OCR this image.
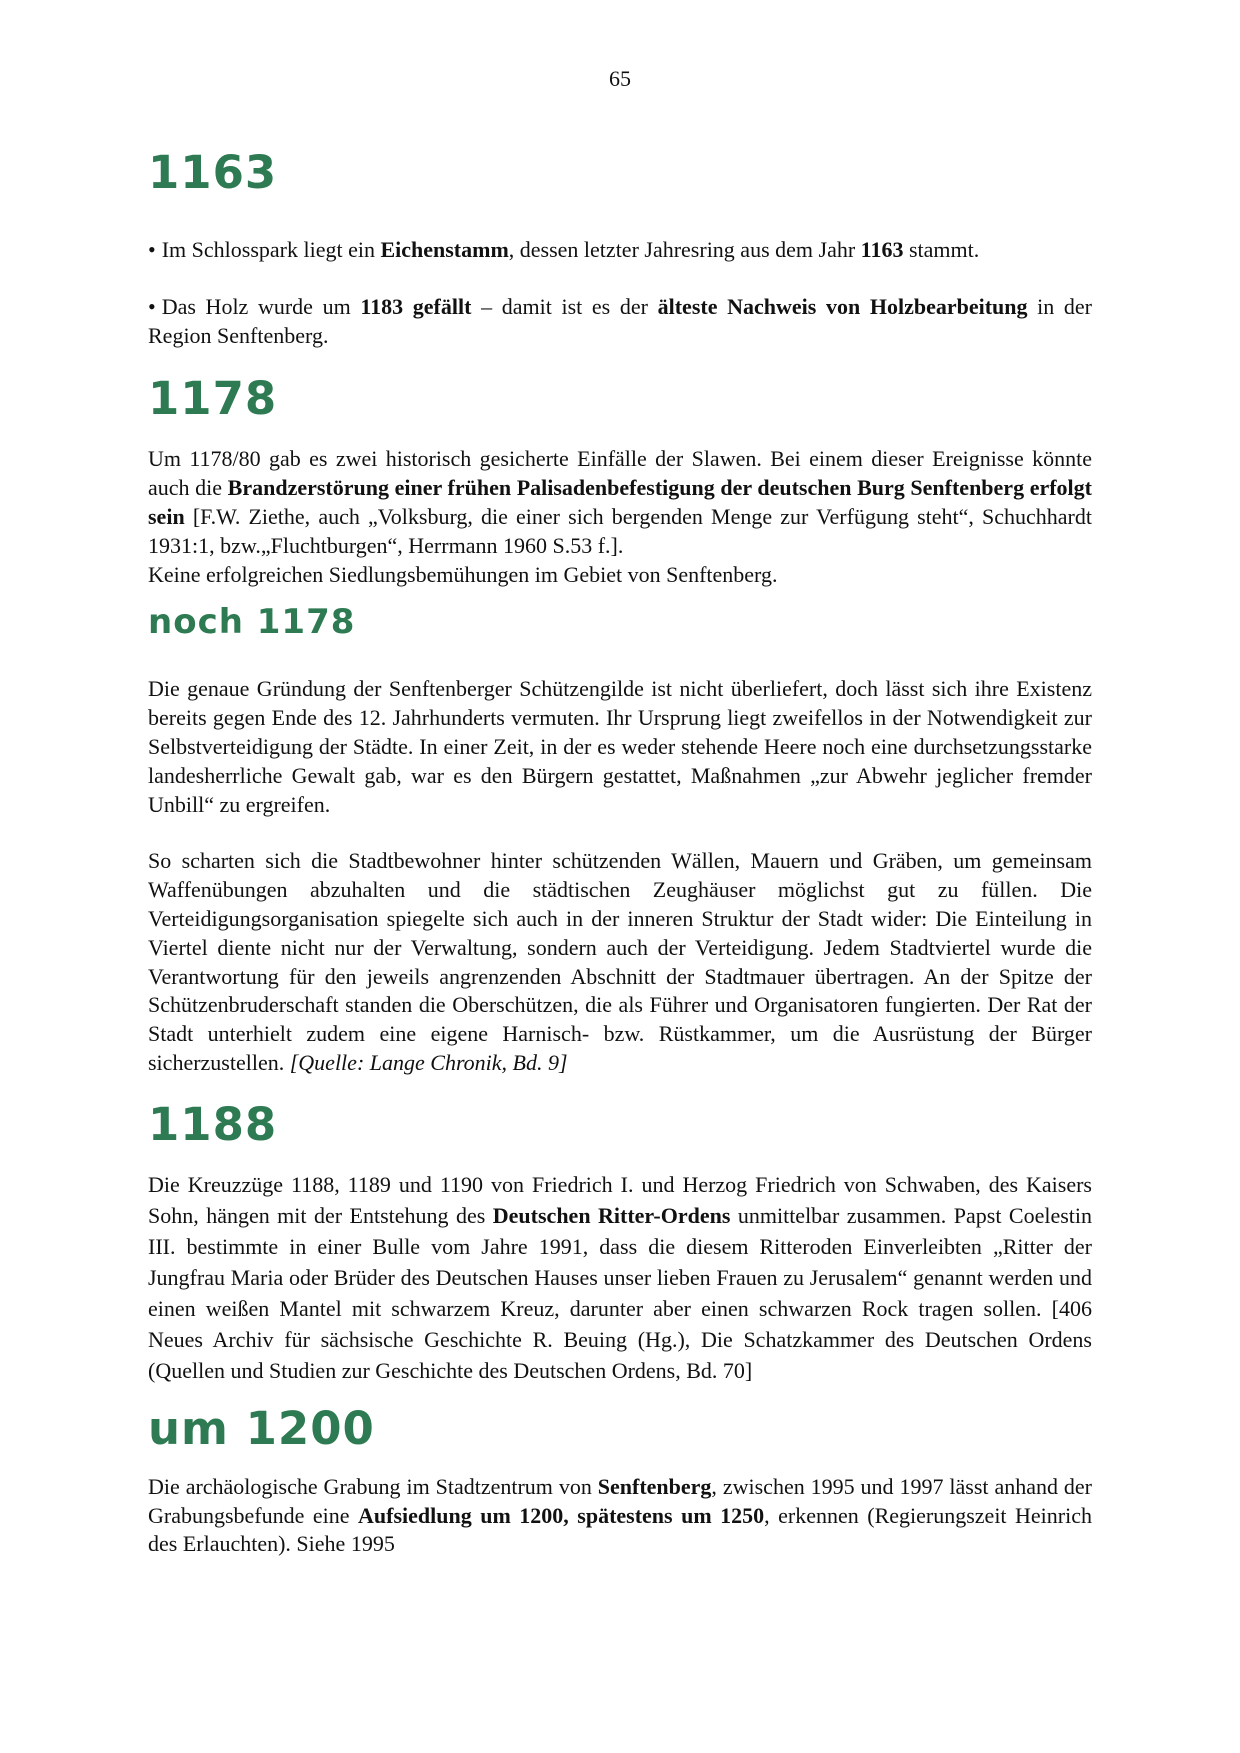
65
1163

• Im Schlosspark liegt ein Eichenstamm, dessen letzter Jahresring aus dem Jahr 1163 stammt.

• Das Holz wurde um 1183 gefällt – damit ist es der älteste Nachweis von Holzbearbeitung in der Region Senftenberg.

1178

Um 1178/80 gab es zwei historisch gesicherte Einfälle der Slawen. Bei einem dieser Ereignisse könnte auch die Brandzerstörung einer frühen Palisadenbefestigung der deutschen Burg Senftenberg erfolgt sein [F.W. Ziethe, auch „Volksburg, die einer sich bergenden Menge zur Verfügung steht“, Schuchhardt 1931:1, bzw.„Fluchtburgen“, Herrmann 1960 S.53 f.].

Keine erfolgreichen Siedlungsbemühungen im Gebiet von Senftenberg.

noch 1178

Die genaue Gründung der Senftenberger Schützengilde ist nicht überliefert, doch lässt sich ihre Existenz bereits gegen Ende des 12. Jahrhunderts vermuten. Ihr Ursprung liegt zweifellos in der Notwendigkeit zur Selbstverteidigung der Städte. In einer Zeit, in der es weder stehende Heere noch eine durchsetzungsstarke landesherrliche Gewalt gab, war es den Bürgern gestattet, Maßnahmen „zur Abwehr jeglicher fremder Unbill“ zu ergreifen.

So scharten sich die Stadtbewohner hinter schützenden Wällen, Mauern und Gräben, um gemeinsam Waffenübungen abzuhalten und die städtischen Zeughäuser möglichst gut zu füllen. Die Verteidigungsorganisation spiegelte sich auch in der inneren Struktur der Stadt wider: Die Einteilung in Viertel diente nicht nur der Verwaltung, sondern auch der Verteidigung. Jedem Stadtviertel wurde die Verantwortung für den jeweils angrenzenden Abschnitt der Stadtmauer übertragen. An der Spitze der Schützenbruderschaft standen die Oberschützen, die als Führer und Organisatoren fungierten. Der Rat der Stadt unterhielt zudem eine eigene Harnisch- bzw. Rüstkammer, um die Ausrüstung der Bürger sicherzustellen. [Quelle: Lange Chronik, Bd. 9]

1188

Die Kreuzzüge 1188, 1189 und 1190 von Friedrich I. und Herzog Friedrich von Schwaben, des Kaisers Sohn, hängen mit der Entstehung des Deutschen Ritter-Ordens unmittelbar zusammen. Papst Coelestin III. bestimmte in einer Bulle vom Jahre 1991, dass die diesem Ritteroden Einverleibten „Ritter der Jungfrau Maria oder Brüder des Deutschen Hauses unser lieben Frauen zu Jerusalem“ genannt werden und einen weißen Mantel mit schwarzem Kreuz, darunter aber einen schwarzen Rock tragen sollen. [406 Neues Archiv für sächsische Geschichte R. Beuing (Hg.), Die Schatzkammer des Deutschen Ordens (Quellen und Studien zur Geschichte des Deutschen Ordens, Bd. 70]

um 1200

Die archäologische Grabung im Stadtzentrum von Senftenberg, zwischen 1995 und 1997 lässt anhand der Grabungsbefunde eine Aufsiedlung um 1200, spätestens um 1250, erkennen (Regierungszeit Heinrich des Erlauchten). Siehe 1995
